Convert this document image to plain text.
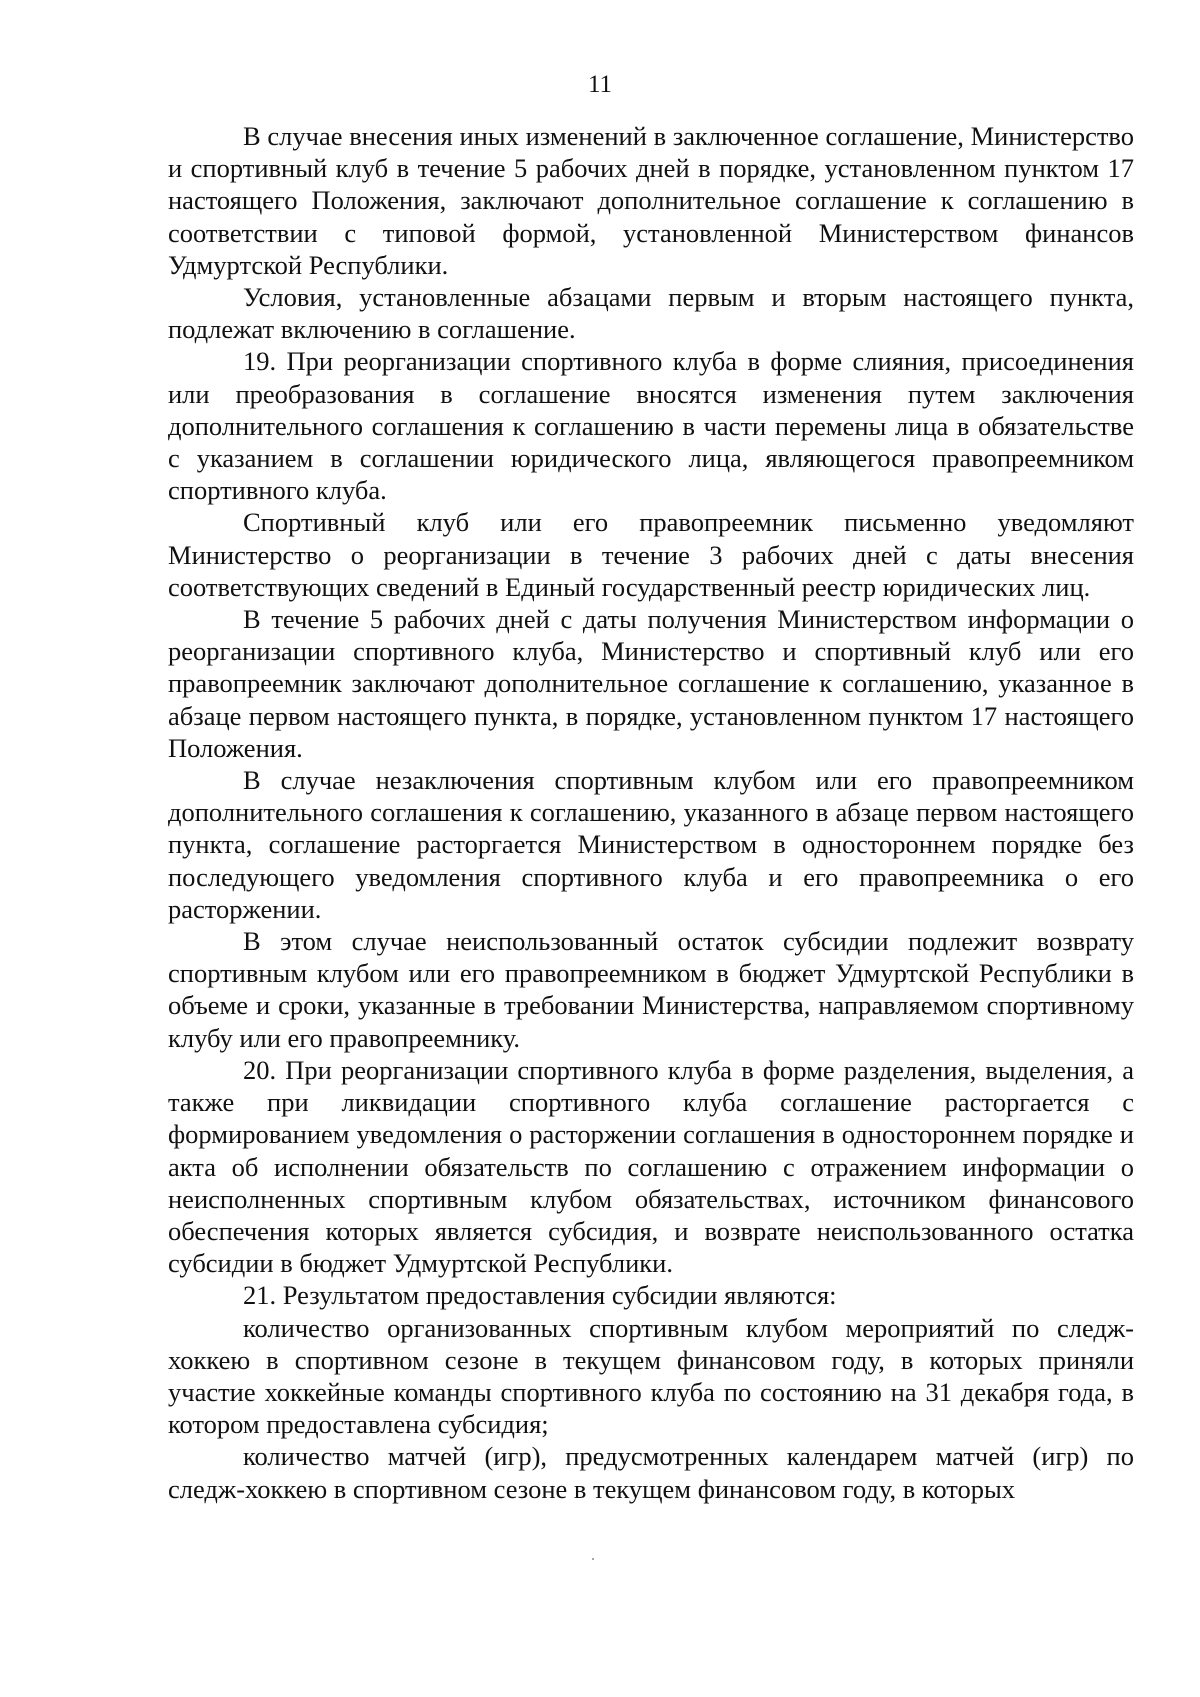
11

В случае внесения иных изменений в заключенное соглашение, Министерство и спортивный клуб в течение 5 рабочих дней в порядке, установленном пунктом 17 настоящего Положения, заключают дополнительное соглашение к соглашению в соответствии с типовой формой, установленной Министерством финансов Удмуртской Республики.

Условия, установленные абзацами первым и вторым настоящего пункта, подлежат включению в соглашение.

19. При реорганизации спортивного клуба в форме слияния, присоединения или преобразования в соглашение вносятся изменения путем заключения дополнительного соглашения к соглашению в части перемены лица в обязательстве с указанием в соглашении юридического лица, являющегося правопреемником спортивного клуба.

Спортивный клуб или его правопреемник письменно уведомляют Министерство о реорганизации в течение 3 рабочих дней с даты внесения соответствующих сведений в Единый государственный реестр юридических лиц.

В течение 5 рабочих дней с даты получения Министерством информации о реорганизации спортивного клуба, Министерство и спортивный клуб или его правопреемник заключают дополнительное соглашение к соглашению, указанное в абзаце первом настоящего пункта, в порядке, установленном пунктом 17 настоящего Положения.

В случае незаключения спортивным клубом или его правопреемником дополнительного соглашения к соглашению, указанного в абзаце первом настоящего пункта, соглашение расторгается Министерством в одностороннем порядке без последующего уведомления спортивного клуба и его правопреемника о его расторжении.

В этом случае неиспользованный остаток субсидии подлежит возврату спортивным клубом или его правопреемником в бюджет Удмуртской Республики в объеме и сроки, указанные в требовании Министерства, направляемом спортивному клубу или его правопреемнику.

20. При реорганизации спортивного клуба в форме разделения, выделения, а также при ликвидации спортивного клуба соглашение расторгается с формированием уведомления о расторжении соглашения в одностороннем порядке и акта об исполнении обязательств по соглашению с отражением информации о неисполненных спортивным клубом обязательствах, источником финансового обеспечения которых является субсидия, и возврате неиспользованного остатка субсидии в бюджет Удмуртской Республики.

21. Результатом предоставления субсидии являются:

количество организованных спортивным клубом мероприятий по следж-хоккею в спортивном сезоне в текущем финансовом году, в которых приняли участие хоккейные команды спортивного клуба по состоянию на 31 декабря года, в котором предоставлена субсидия;

количество матчей (игр), предусмотренных календарем матчей (игр) по следж-хоккею в спортивном сезоне в текущем финансовом году, в которых
